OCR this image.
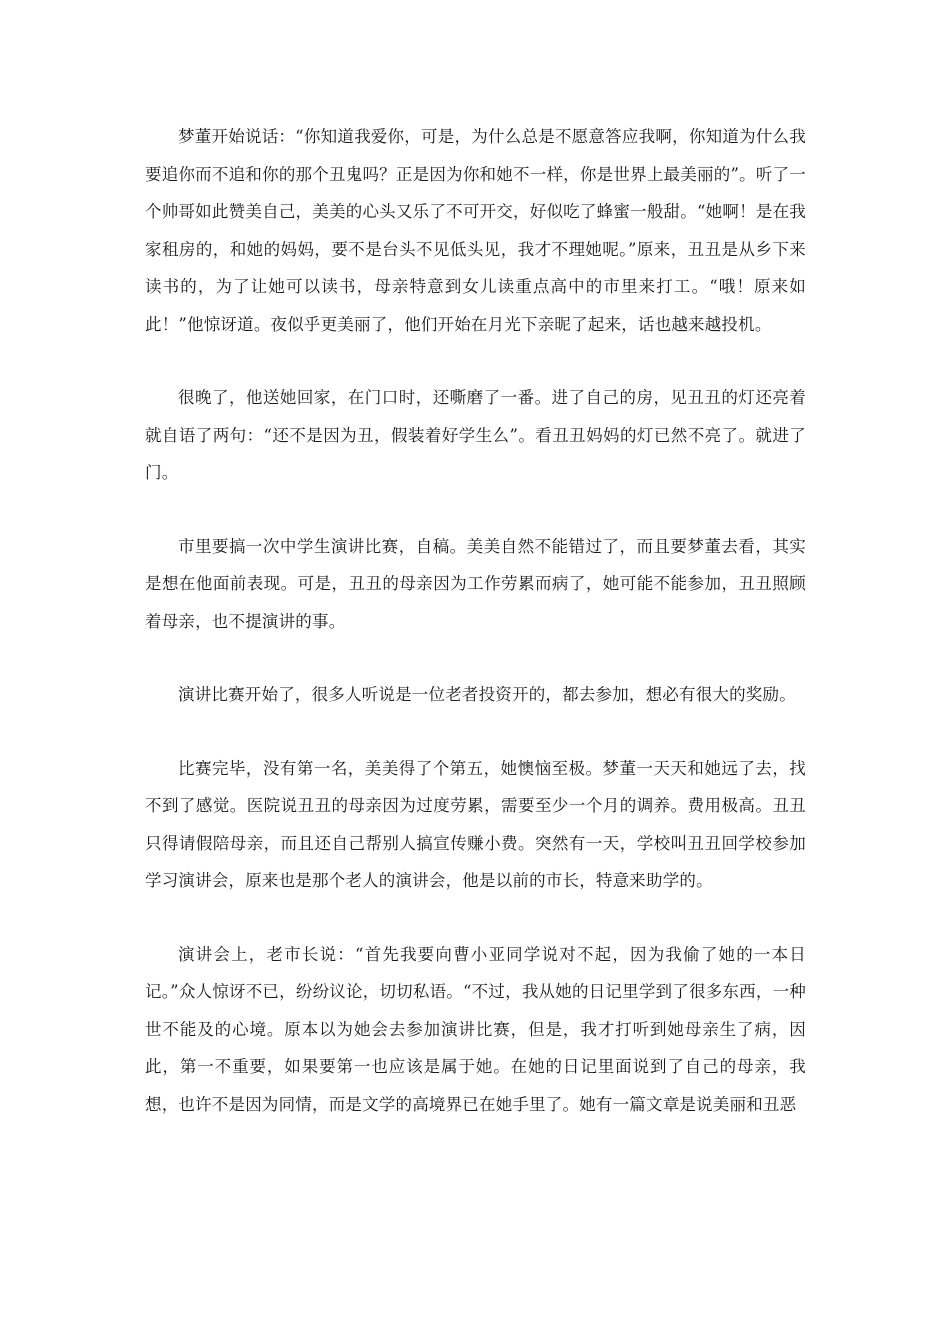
梦董开始说话：“你知道我爱你，可是，为什么总是不愿意答应我啊，你知道为什么我要追你而不追和你的那个丑鬼吗？正是因为你和她不一样，你是世界上最美丽的”。听了一个帅哥如此赞美自己，美美的心头又乐了不可开交，好似吃了蜂蜜一般甜。“她啊！是在我家租房的，和她的妈妈，要不是台头不见低头见，我才不理她呢。”原来，丑丑是从乡下来读书的，为了让她可以读书，母亲特意到女儿读重点高中的市里来打工。“哦！原来如此！”他惊讶道。夜似乎更美丽了，他们开始在月光下亲昵了起来，话也越来越投机。

很晚了，他送她回家，在门口时，还嘶磨了一番。进了自己的房，见丑丑的灯还亮着就自语了两句：“还不是因为丑，假装着好学生么”。看丑丑妈妈的灯已然不亮了。就进了门。

市里要搞一次中学生演讲比赛，自稿。美美自然不能错过了，而且要梦董去看，其实是想在他面前表现。可是，丑丑的母亲因为工作劳累而病了，她可能不能参加，丑丑照顾着母亲，也不提演讲的事。

演讲比赛开始了，很多人听说是一位老者投资开的，都去参加，想必有很大的奖励。

比赛完毕，没有第一名，美美得了个第五，她懊恼至极。梦董一天天和她远了去，找不到了感觉。医院说丑丑的母亲因为过度劳累，需要至少一个月的调养。费用极高。丑丑只得请假陪母亲，而且还自己帮别人搞宣传赚小费。突然有一天，学校叫丑丑回学校参加学习演讲会，原来也是那个老人的演讲会，他是以前的市长，特意来助学的。

演讲会上，老市长说：“首先我要向曹小亚同学说对不起，因为我偷了她的一本日记。”众人惊讶不已，纷纷议论，切切私语。“不过，我从她的日记里学到了很多东西，一种世不能及的心境。原本以为她会去参加演讲比赛，但是，我才打听到她母亲生了病，因此，第一不重要，如果要第一也应该是属于她。在她的日记里面说到了自己的母亲，我想，也许不是因为同情，而是文学的高境界已在她手里了。她有一篇文章是说美丽和丑恶
